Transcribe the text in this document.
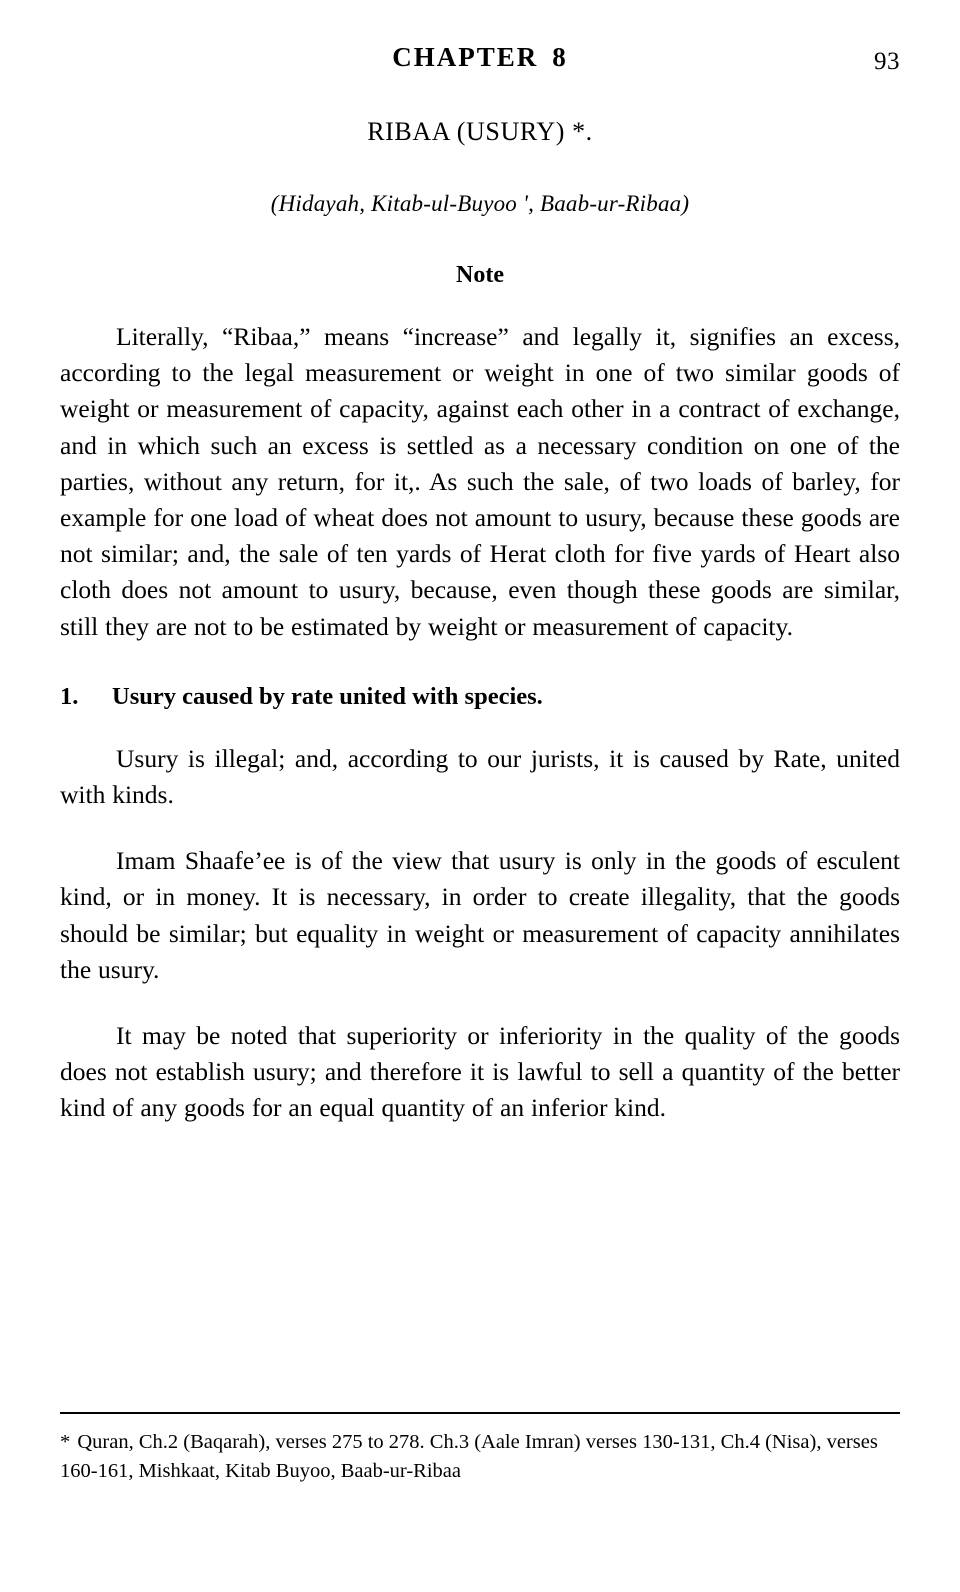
93
CHAPTER 8
RIBAA (USURY) *.
(Hidayah, Kitab-ul-Buyoo ', Baab-ur-Ribaa)
Note

Literally, “Ribaa,” means “increase” and legally it, signifies an excess, according to the legal measurement or weight in one of two similar goods of weight or measurement of capacity, against each other in a contract of exchange, and in which such an excess is settled as a necessary condition on one of the parties, without any return, for it,. As such the sale, of two loads of barley, for example for one load of wheat does not amount to usury, because these goods are not similar; and, the sale of ten yards of Herat cloth for five yards of Heart also cloth does not amount to usury, because, even though these goods are similar, still they are not to be estimated by weight or measurement of capacity.

1.	Usury caused by rate united with species.

Usury is illegal; and, according to our jurists, it is caused by Rate, united with kinds.

Imam Shaafe’ee is of the view that usury is only in the goods of esculent kind, or in money. It is necessary, in order to create illegality, that the goods should be similar; but equality in weight or measurement of capacity annihilates the usury.

It may be noted that superiority or inferiority in the quality of the goods does not establish usury; and therefore it is lawful to sell a quantity of the better kind of any goods for an equal quantity of an inferior kind.

* Quran, Ch.2 (Baqarah), verses 275 to 278. Ch.3 (Aale Imran) verses 130-131, Ch.4 (Nisa), verses 160-161, Mishkaat, Kitab Buyoo, Baab-ur-Ribaa
